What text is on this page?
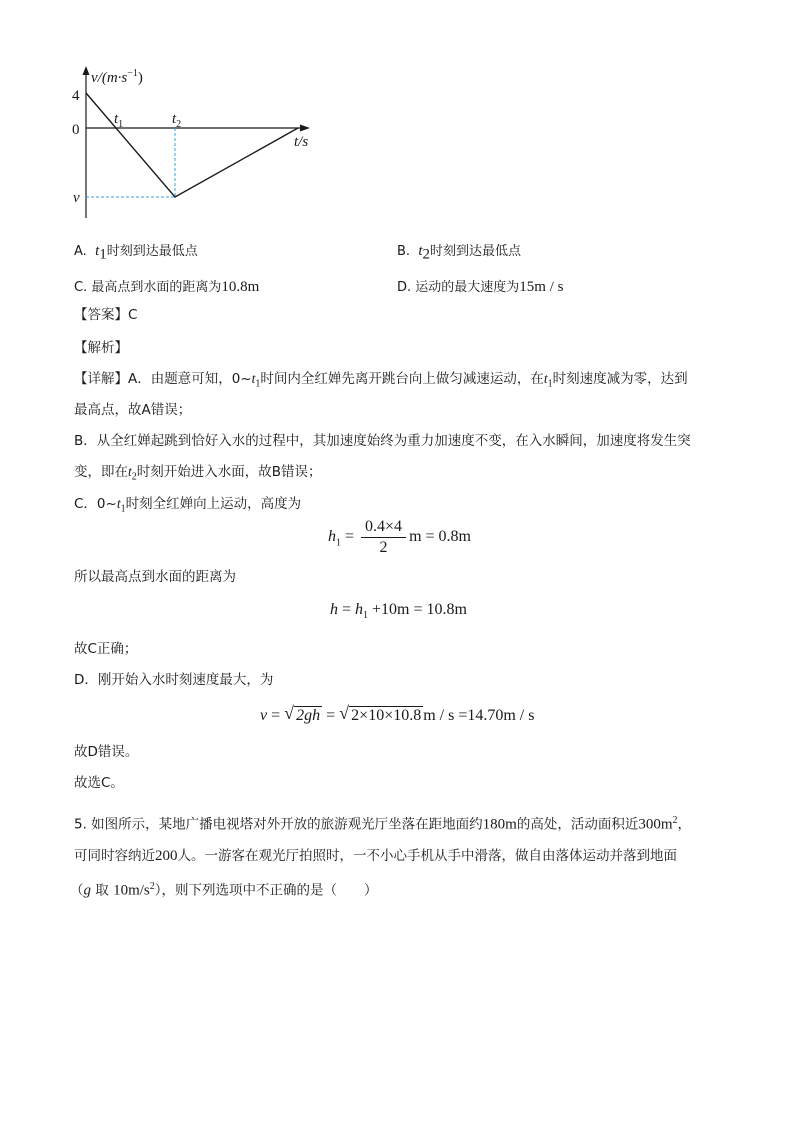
$v/(m\cdot s^{-1})$
4
0
v
$t_1$	$t_2$
t/s
A. $t_1$时刻到达最低点	B. $t_2$时刻到达最低点
C. 最高点到水面的距离为10.8m	D. 运动的最大速度为15m / s
【答案】C
【解析】
【详解】A．由题意可知，$0\sim t_1$时间内全红婵先离开跳台向上做匀减速运动，在$t_1$时刻速度减为零，达到
最高点，故A错误；
B．从全红婵起跳到恰好入水的过程中，其加速度始终为重力加速度不变，在入水瞬间，加速度将发生突
变，即在$t_2$时刻开始进入水面，故B错误；
C．$0\sim t_1$时刻全红婵向上运动，高度为
$h_1 = \frac{0.4\times 4}{2}$ m = 0.8m
所以最高点到水面的距离为
$h = h_1 +10m = 10.8m$
故C正确；
D．刚开始入水时刻速度最大，为
v = √ 2gh = √ 2×10×10.8 m / s =14.70m / s
故D错误。
故选C。
5. 如图所示，某地广播电视塔对外开放的旅游观光厅坐落在距地面约180m的高处，活动面积近$300m^2$，
可同时容纳近200人。一游客在观光厅拍照时，一不小心手机从手中滑落，做自由落体运动并落到地面
（g 取 $10m/s^2$），则下列选项中不正确的是（　　）
